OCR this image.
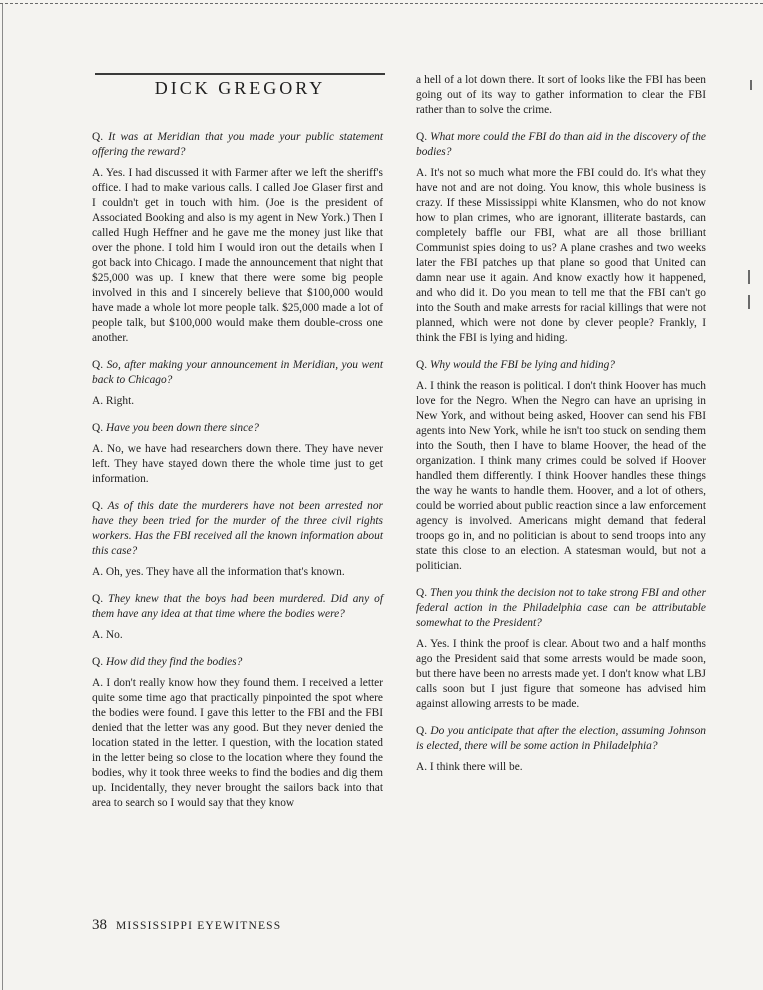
DICK GREGORY

Q. It was at Meridian that you made your public statement offering the reward?

A. Yes. I had discussed it with Farmer after we left the sheriff's office. I had to make various calls. I called Joe Glaser first and I couldn't get in touch with him. (Joe is the president of Associated Booking and also is my agent in New York.) Then I called Hugh Heffner and he gave me the money just like that over the phone. I told him I would iron out the details when I got back into Chicago. I made the announcement that night that $25,000 was up. I knew that there were some big people involved in this and I sincerely believe that $100,000 would have made a whole lot more people talk. $25,000 made a lot of people talk, but $100,000 would make them double-cross one another.

Q. So, after making your announcement in Meridian, you went back to Chicago?

A. Right.

Q. Have you been down there since?

A. No, we have had researchers down there. They have never left. They have stayed down there the whole time just to get information.

Q. As of this date the murderers have not been arrested nor have they been tried for the murder of the three civil rights workers. Has the FBI received all the known information about this case?

A. Oh, yes. They have all the information that's known.

Q. They knew that the boys had been murdered. Did any of them have any idea at that time where the bodies were?

A. No.

Q. How did they find the bodies?

A. I don't really know how they found them. I received a letter quite some time ago that practically pinpointed the spot where the bodies were found. I gave this letter to the FBI and the FBI denied that the letter was any good. But they never denied the location stated in the letter. I question, with the location stated in the letter being so close to the location where they found the bodies, why it took three weeks to find the bodies and dig them up. Incidentally, they never brought the sailors back into that area to search so I would say that they know

a hell of a lot down there. It sort of looks like the FBI has been going out of its way to gather information to clear the FBI rather than to solve the crime.

Q. What more could the FBI do than aid in the discovery of the bodies?

A. It's not so much what more the FBI could do. It's what they have not and are not doing. You know, this whole business is crazy. If these Mississippi white Klansmen, who do not know how to plan crimes, who are ignorant, illiterate bastards, can completely baffle our FBI, what are all those brilliant Communist spies doing to us? A plane crashes and two weeks later the FBI patches up that plane so good that United can damn near use it again. And know exactly how it happened, and who did it. Do you mean to tell me that the FBI can't go into the South and make arrests for racial killings that were not planned, which were not done by clever people? Frankly, I think the FBI is lying and hiding.

Q. Why would the FBI be lying and hiding?

A. I think the reason is political. I don't think Hoover has much love for the Negro. When the Negro can have an uprising in New York, and without being asked, Hoover can send his FBI agents into New York, while he isn't too stuck on sending them into the South, then I have to blame Hoover, the head of the organization. I think many crimes could be solved if Hoover handled them differently. I think Hoover handles these things the way he wants to handle them. Hoover, and a lot of others, could be worried about public reaction since a law enforcement agency is involved. Americans might demand that federal troops go in, and no politician is about to send troops into any state this close to an election. A statesman would, but not a politician.

Q. Then you think the decision not to take strong FBI and other federal action in the Philadelphia case can be attributable somewhat to the President?

A. Yes. I think the proof is clear. About two and a half months ago the President said that some arrests would be made soon, but there have been no arrests made yet. I don't know what LBJ calls soon but I just figure that someone has advised him against allowing arrests to be made.

Q. Do you anticipate that after the election, assuming Johnson is elected, there will be some action in Philadelphia?

A. I think there will be.

38 MISSISSIPPI EYEWITNESS
